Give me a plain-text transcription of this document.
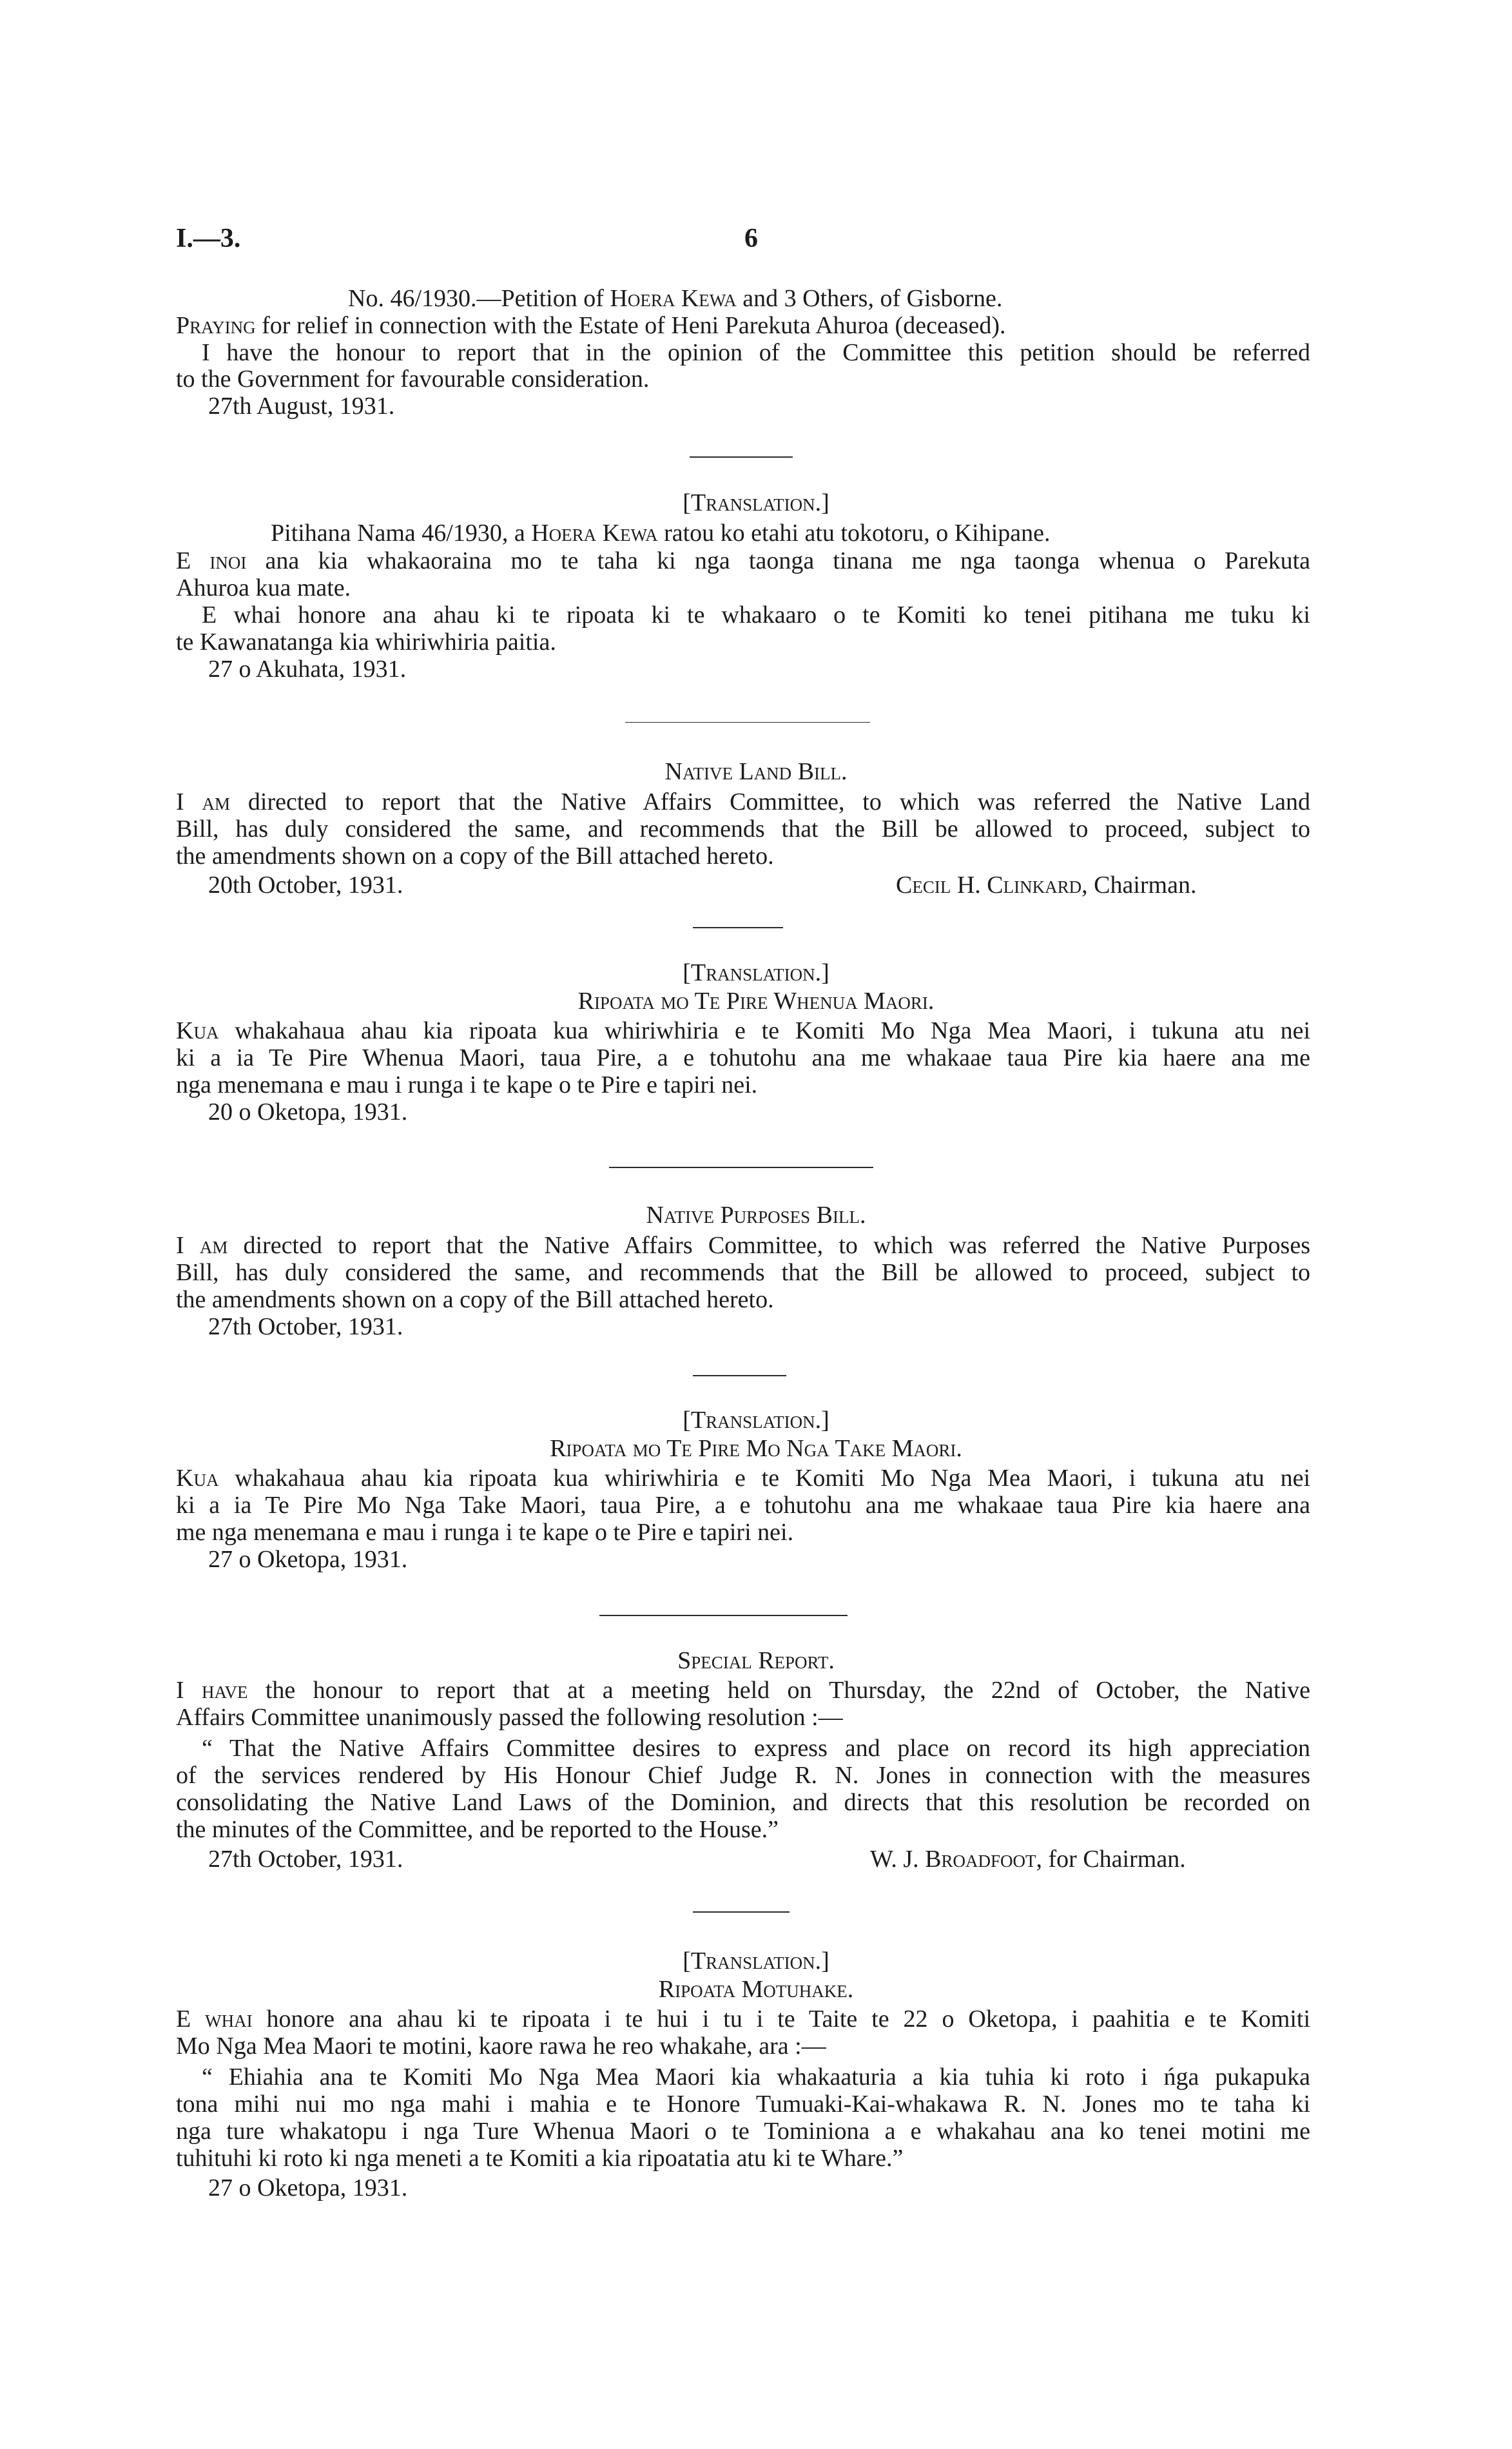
I.—3.	6
No. 46/1930.—Petition of Hoera Kewa and 3 Others, of Gisborne.
Praying for relief in connection with the Estate of Heni Parekuta Ahuroa (deceased).
I have the honour to report that in the opinion of the Committee this petition should be referred
to the Government for favourable consideration.
27th August, 1931.
[Translation.]
Pitihana Nama 46/1930, a Hoera Kewa ratou ko etahi atu tokotoru, o Kihipane.
E inoi ana kia whakaoraina mo te taha ki nga taonga tinana me nga taonga whenua o Parekuta
Ahuroa kua mate.
E whai honore ana ahau ki te ripoata ki te whakaaro o te Komiti ko tenei pitihana me tuku ki
te Kawanatanga kia whiriwhiria paitia.
27 o Akuhata, 1931.
Native Land Bill.
I am directed to report that the Native Affairs Committee, to which was referred the Native Land
Bill, has duly considered the same, and recommends that the Bill be allowed to proceed, subject to
the amendments shown on a copy of the Bill attached hereto.
20th October, 1931.	Cecil H. Clinkard, Chairman.
[Translation.]
Ripoata mo Te Pire Whenua Maori.
Kua whakahaua ahau kia ripoata kua whiriwhiria e te Komiti Mo Nga Mea Maori, i tukuna atu nei
ki a ia Te Pire Whenua Maori, taua Pire, a e tohutohu ana me whakaae taua Pire kia haere ana me
nga menemana e mau i runga i te kape o te Pire e tapiri nei.
20 o Oketopa, 1931.
Native Purposes Bill.
I am directed to report that the Native Affairs Committee, to which was referred the Native Purposes
Bill, has duly considered the same, and recommends that the Bill be allowed to proceed, subject to
the amendments shown on a copy of the Bill attached hereto.
27th October, 1931.
[Translation.]
Ripoata mo Te Pire Mo Nga Take Maori.
Kua whakahaua ahau kia ripoata kua whiriwhiria e te Komiti Mo Nga Mea Maori, i tukuna atu nei
ki a ia Te Pire Mo Nga Take Maori, taua Pire, a e tohutohu ana me whakaae taua Pire kia haere ana
me nga menemana e mau i runga i te kape o te Pire e tapiri nei.
27 o Oketopa, 1931.
Special Report.
I have the honour to report that at a meeting held on Thursday, the 22nd of October, the Native
Affairs Committee unanimously passed the following resolution :—
“ That the Native Affairs Committee desires to express and place on record its high appreciation
of the services rendered by His Honour Chief Judge R. N. Jones in connection with the measures
consolidating the Native Land Laws of the Dominion, and directs that this resolution be recorded on
the minutes of the Committee, and be reported to the House.”
27th October, 1931.	W. J. Broadfoot, for Chairman.
[Translation.]
Ripoata Motuhake.
E whai honore ana ahau ki te ripoata i te hui i tu i te Taite te 22 o Oketopa, i paahitia e te Komiti
Mo Nga Mea Maori te motini, kaore rawa he reo whakahe, ara :—
“ Ehiahia ana te Komiti Mo Nga Mea Maori kia whakaaturia a kia tuhia ki roto i ńga pukapuka
tona mihi nui mo nga mahi i mahia e te Honore Tumuaki-Kai-whakawa R. N. Jones mo te taha ki
nga ture whakatopu i nga Ture Whenua Maori o te Tominiona a e whakahau ana ko tenei motini me
tuhituhi ki roto ki nga meneti a te Komiti a kia ripoatatia atu ki te Whare.”
27 o Oketopa, 1931.
